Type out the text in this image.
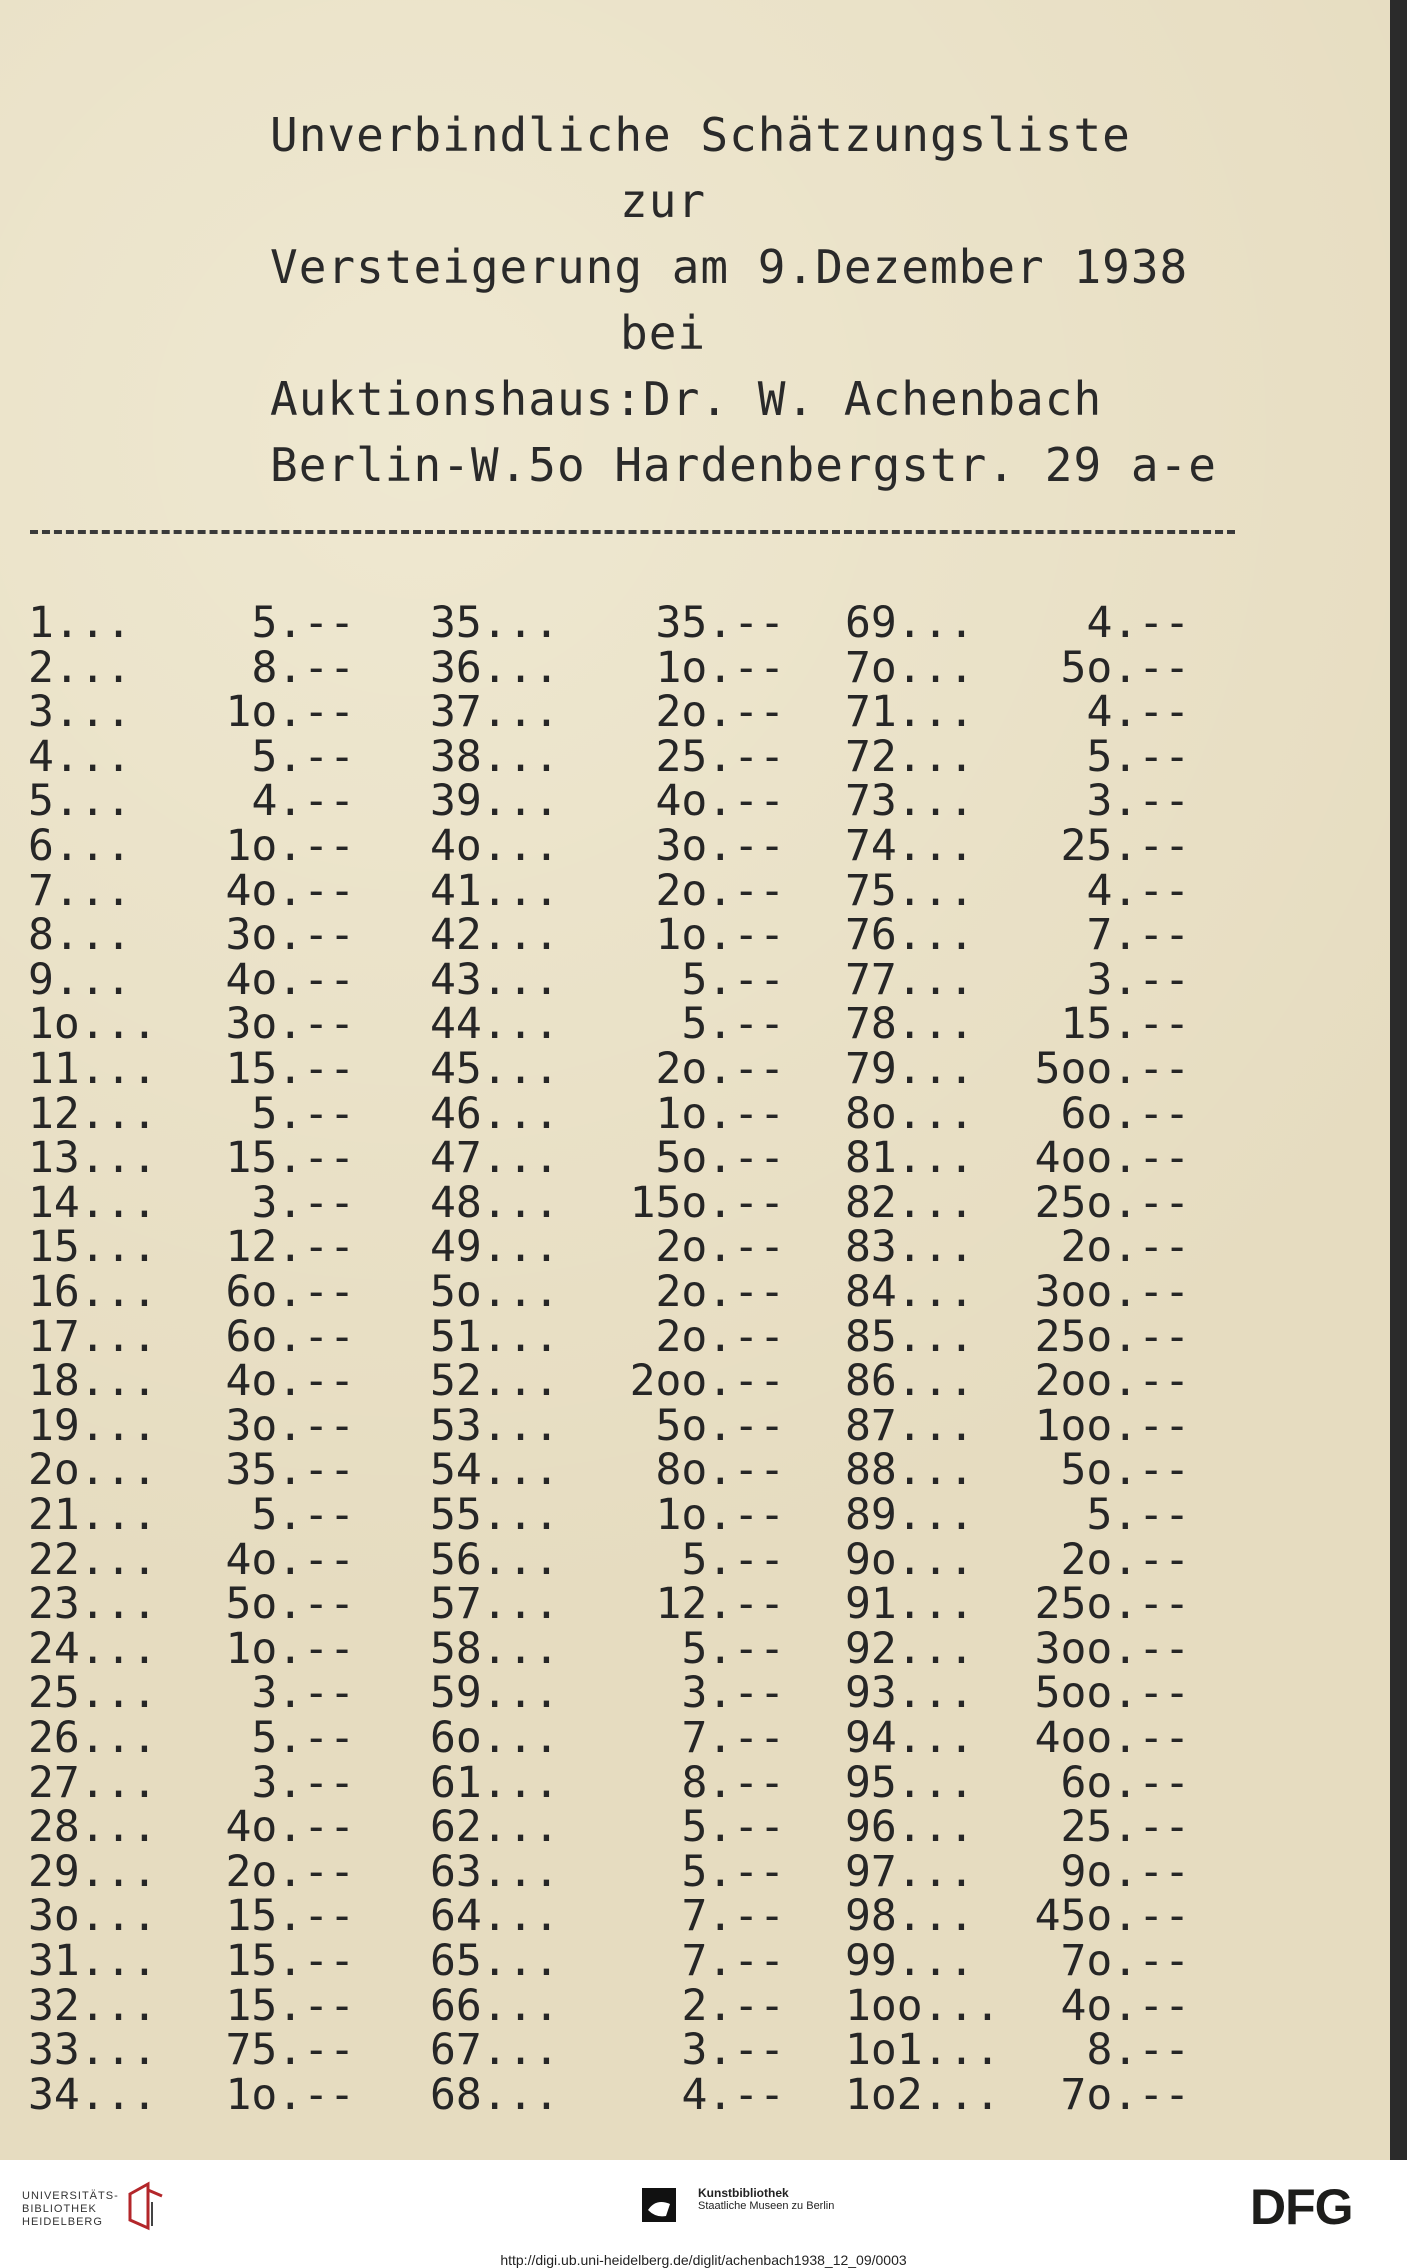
Unverbindliche Schätzungsliste
zur
Versteigerung am 9.Dezember 1938
bei
Auktionshaus:Dr. W. Achenbach
Berlin-W.5o Hardenbergstr. 29 a-e
1...	5.-- 35...	35.-- 69...	4.--
2...	8.-- 36...	1o.-- 7o...	5o.--
3...	1o.-- 37...	2o.-- 71...	4.--
4...	5.-- 38...	25.-- 72...	5.--
5...	4.-- 39...	4o.-- 73...	3.--
6...	1o.-- 4o...	3o.-- 74...	25.--
7...	4o.-- 41...	2o.-- 75...	4.--
8...	3o.-- 42...	1o.-- 76...	7.--
9...	4o.-- 43...	5.-- 77...	3.--
1o...	3o.-- 44...	5.-- 78...	15.--
11...	15.-- 45...	2o.-- 79...	5oo.--
12...	5.-- 46...	1o.-- 8o...	6o.--
13...	15.-- 47...	5o.-- 81...	4oo.--
14...	3.-- 48...	15o.-- 82...	25o.--
15...	12.-- 49...	2o.-- 83...	2o.--
16...	6o.-- 5o...	2o.-- 84...	3oo.--
17...	6o.-- 51...	2o.-- 85...	25o.--
18...	4o.-- 52...	2oo.-- 86...	2oo.--
19...	3o.-- 53...	5o.-- 87...	1oo.--
2o...	35.-- 54...	8o.-- 88...	5o.--
21...	5.-- 55...	1o.-- 89...	5.--
22...	4o.-- 56...	5.-- 9o...	2o.--
23...	5o.-- 57...	12.-- 91...	25o.--
24...	1o.-- 58...	5.-- 92...	3oo.--
25...	3.-- 59...	3.-- 93...	5oo.--
26...	5.-- 6o...	7.-- 94...	4oo.--
27...	3.-- 61...	8.-- 95...	6o.--
28...	4o.-- 62...	5.-- 96...	25.--
29...	2o.-- 63...	5.-- 97...	9o.--
3o...	15.-- 64...	7.-- 98...	45o.--
31...	15.-- 65...	7.-- 99...	7o.--
32...	15.-- 66...	2.-- 1oo...	4o.--
33...	75.-- 67...	3.-- 1o1...	8.--
34...	1o.-- 68...	4.-- 1o2...	7o.--
UNIVERSITÄTS-
BIBLIOTHEK
HEIDELBERG
Kunstbibliothek
Staatliche Museen zu Berlin	DFG
http://digi.ub.uni-heidelberg.de/diglit/achenbach1938_12_09/0003
